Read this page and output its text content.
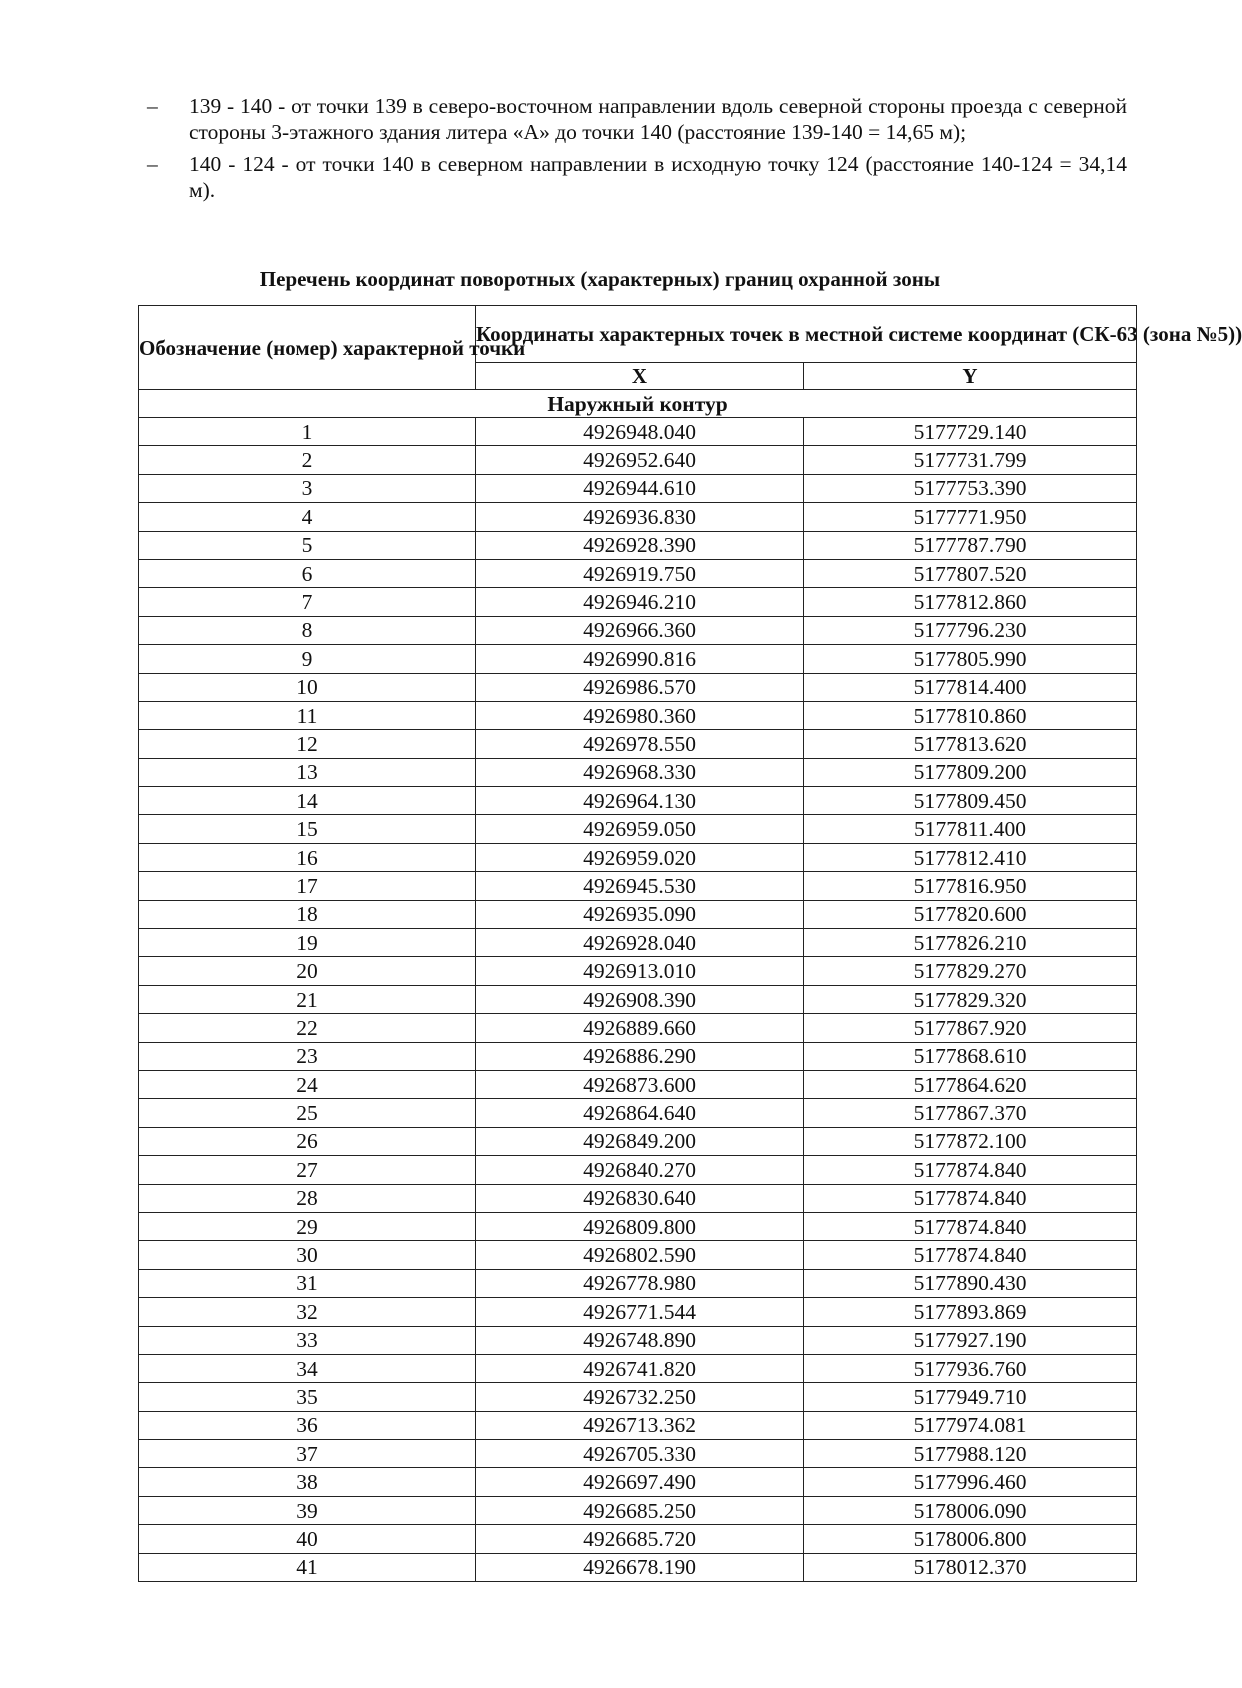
– 139 - 140 - от точки 139 в северо-восточном направлении вдоль северной стороны проезда с северной стороны 3-этажного здания литера «А» до точки 140 (расстояние 139-140 = 14,65 м);
– 140 - 124 - от точки 140 в северном направлении в исходную точку 124 (расстояние 140-124 = 34,14 м).
Перечень координат поворотных (характерных) границ охранной зоны
Обозначение (номер) характерной точки	Координаты характерных точек в местной системе координат (СК-63 (зона №5))	
	X	Y
Наружный контур		
1	4926948.040	5177729.140
2	4926952.640	5177731.799
3	4926944.610	5177753.390
4	4926936.830	5177771.950
5	4926928.390	5177787.790
6	4926919.750	5177807.520
7	4926946.210	5177812.860
8	4926966.360	5177796.230
9	4926990.816	5177805.990
10	4926986.570	5177814.400
11	4926980.360	5177810.860
12	4926978.550	5177813.620
13	4926968.330	5177809.200
14	4926964.130	5177809.450
15	4926959.050	5177811.400
16	4926959.020	5177812.410
17	4926945.530	5177816.950
18	4926935.090	5177820.600
19	4926928.040	5177826.210
20	4926913.010	5177829.270
21	4926908.390	5177829.320
22	4926889.660	5177867.920
23	4926886.290	5177868.610
24	4926873.600	5177864.620
25	4926864.640	5177867.370
26	4926849.200	5177872.100
27	4926840.270	5177874.840
28	4926830.640	5177874.840
29	4926809.800	5177874.840
30	4926802.590	5177874.840
31	4926778.980	5177890.430
32	4926771.544	5177893.869
33	4926748.890	5177927.190
34	4926741.820	5177936.760
35	4926732.250	5177949.710
36	4926713.362	5177974.081
37	4926705.330	5177988.120
38	4926697.490	5177996.460
39	4926685.250	5178006.090
40	4926685.720	5178006.800
41	4926678.190	5178012.370
